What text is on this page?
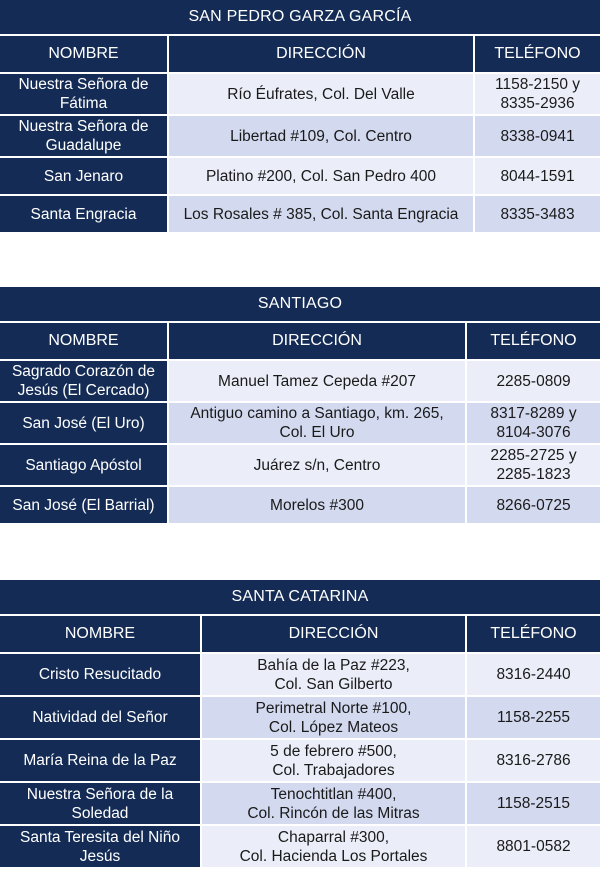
SAN PEDRO GARZA GARCÍA
NOMBRE	DIRECCIÓN	TELÉFONO

Nuestra Señora de
Fátima	Río Éufrates, Col. Del Valle	1158-2150 y
8335-2936

Nuestra Señora de
Guadalupe	Libertad #109, Col. Centro	8338-0941

San Jenaro	Platino #200, Col. San Pedro 400	8044-1591

Santa Engracia	Los Rosales # 385, Col. Santa Engracia	8335-3483
SANTIAGO
NOMBRE	DIRECCIÓN	TELÉFONO

Sagrado Corazón de
Jesús (El Cercado)	Manuel Tamez Cepeda #207	2285-0809

San José (El Uro)	Antiguo camino a Santiago, km. 265,
Col. El Uro	8317-8289 y
8104-3076

Santiago Apóstol	Juárez s/n, Centro	2285-2725 y
2285-1823

San José (El Barrial)	Morelos #300	8266-0725
SANTA CATARINA
NOMBRE	DIRECCIÓN	TELÉFONO

Cristo Resucitado	Bahía de la Paz #223,
Col. San Gilberto	8316-2440

Natividad del Señor	Perimetral Norte #100,
Col. López Mateos	1158-2255

María Reina de la Paz	5 de febrero #500,
Col. Trabajadores	8316-2786

Nuestra Señora de la
Soledad	Tenochtitlan #400,
Col. Rincón de las Mitras	1158-2515

Santa Teresita del Niño
Jesús	Chaparral #300,
Col. Hacienda Los Portales	8801-0582
